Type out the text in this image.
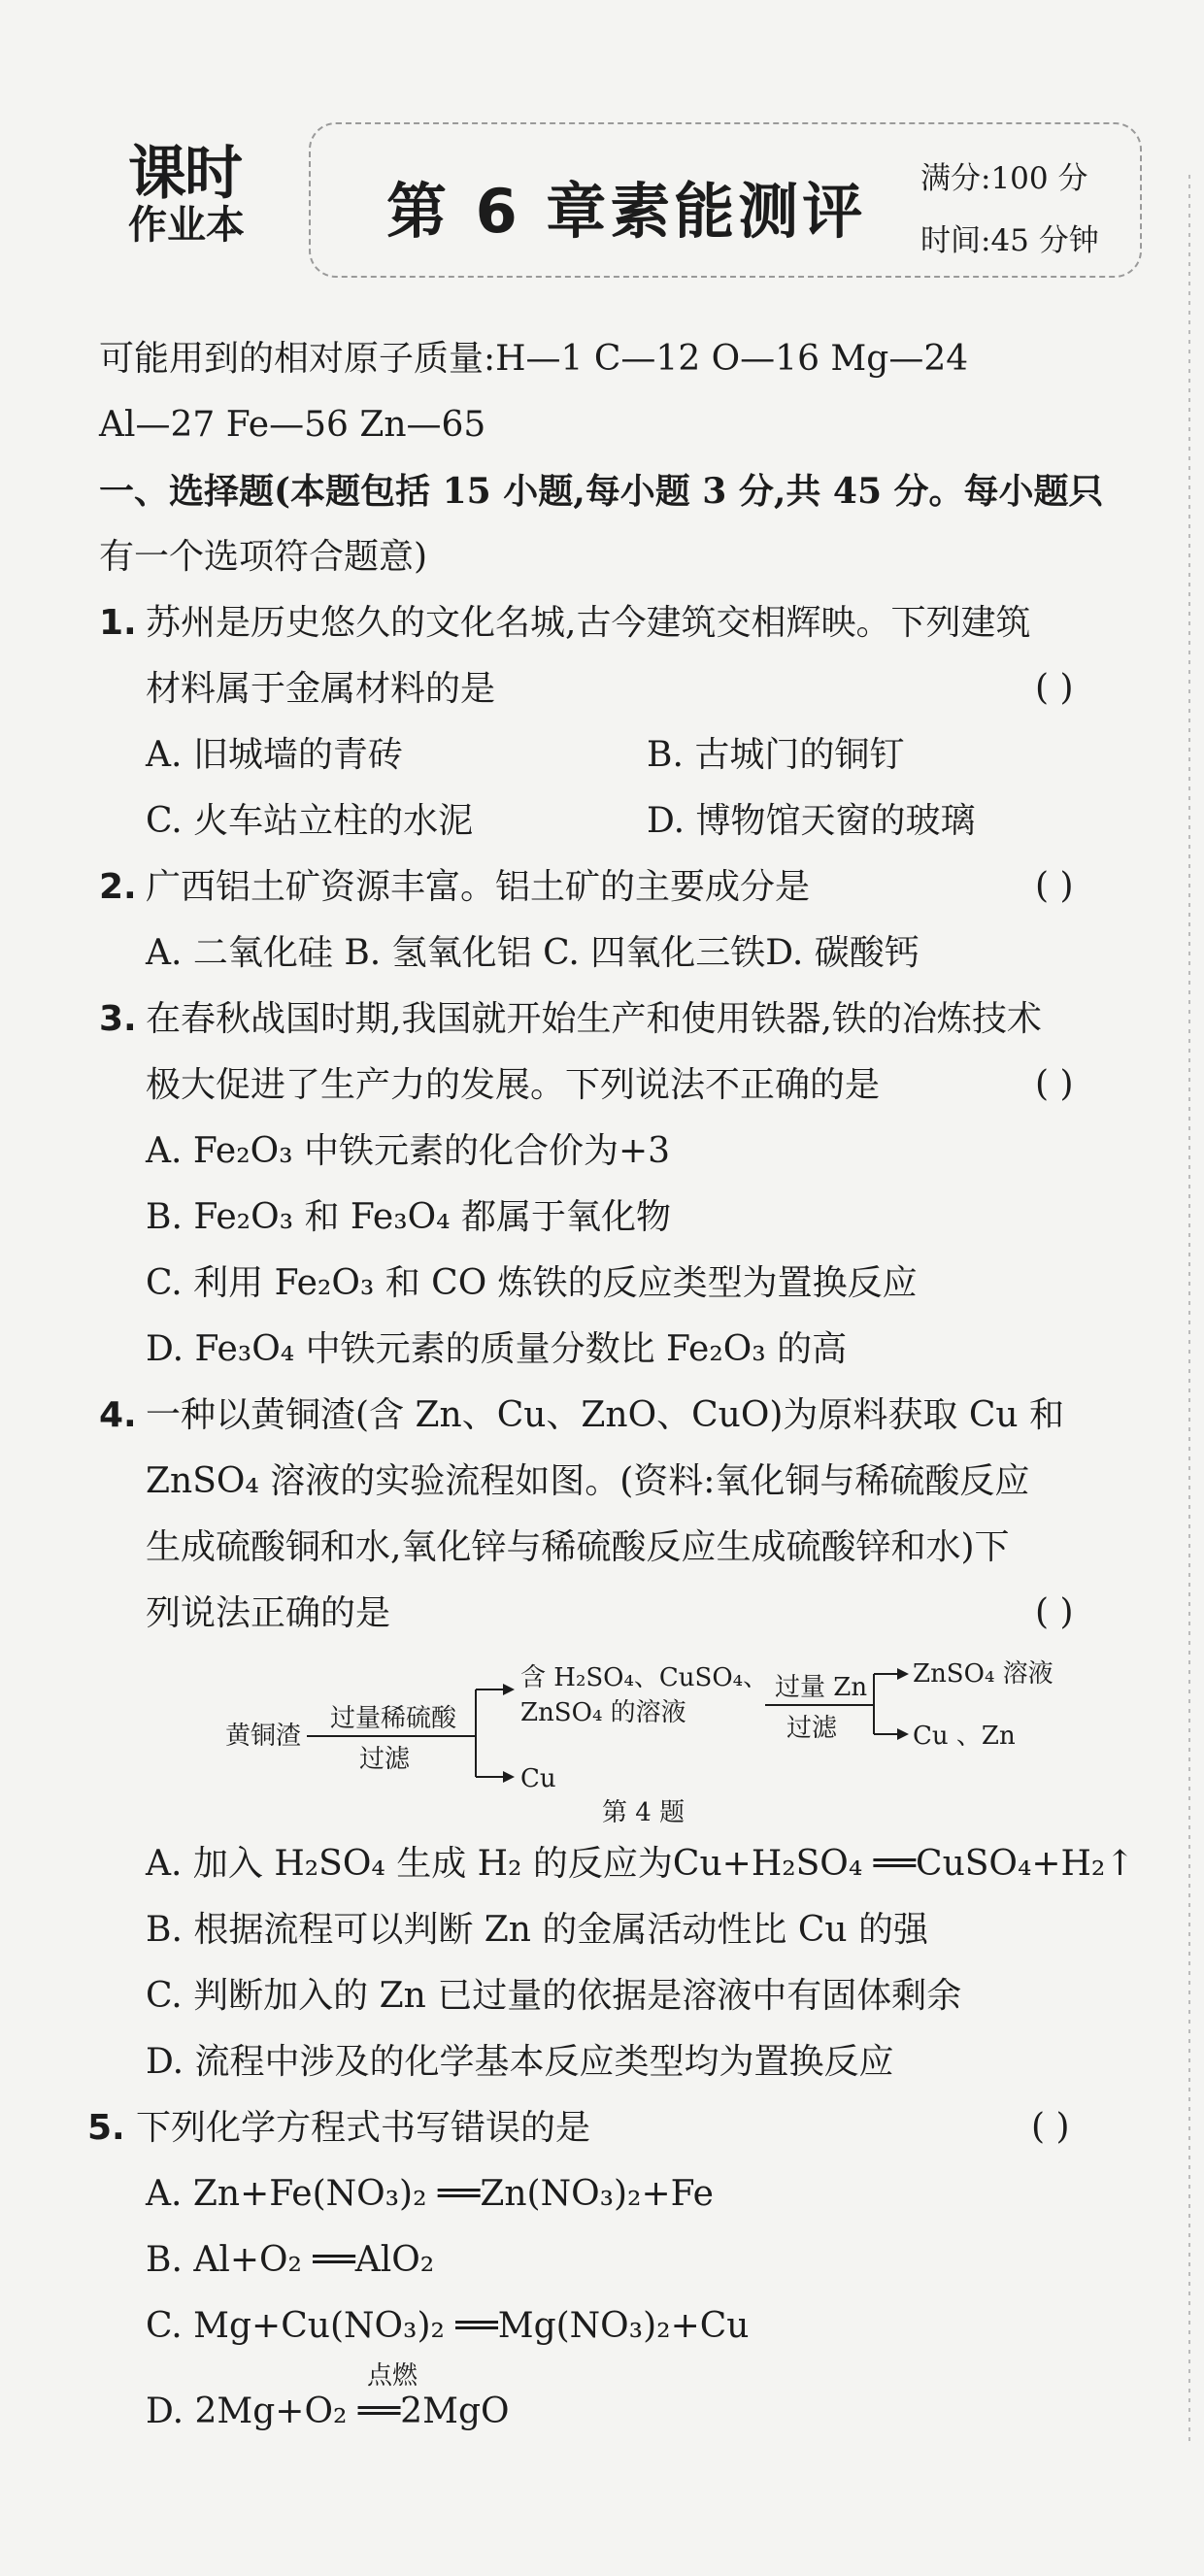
课时
作业本	第 6 章素能测评 满分:100 分
时间:45 分钟
可能用到的相对原子质量:H—1 C—12 O—16 Mg—24
Al—27 Fe—56 Zn—65
一、选择题(本题包括 15 小题,每小题 3 分,共 45 分。每小题只
有一个选项符合题意)
1. 苏州是历史悠久的文化名城,古今建筑交相辉映。下列建筑
材料属于金属材料的是	( )
A. 旧城墙的青砖	B. 古城门的铜钉
C. 火车站立柱的水泥	D. 博物馆天窗的玻璃
2. 广西铝土矿资源丰富。铝土矿的主要成分是	( )
A. 二氧化硅 B. 氢氧化铝 C. 四氧化三铁D. 碳酸钙
3. 在春秋战国时期,我国就开始生产和使用铁器,铁的冶炼技术
极大促进了生产力的发展。下列说法不正确的是	( )
A. Fe₂O₃ 中铁元素的化合价为+3
B. Fe₂O₃ 和 Fe₃O₄ 都属于氧化物
C. 利用 Fe₂O₃ 和 CO 炼铁的反应类型为置换反应
D. Fe₃O₄ 中铁元素的质量分数比 Fe₂O₃ 的高
4. 一种以黄铜渣(含 Zn、Cu、ZnO、CuO)为原料获取 Cu 和
ZnSO₄ 溶液的实验流程如图。(资料:氧化铜与稀硫酸反应
生成硫酸铜和水,氧化锌与稀硫酸反应生成硫酸锌和水)下
列说法正确的是	( )
黄铜渣
过量稀硫酸
过滤
含 H₂SO₄、CuSO₄、
ZnSO₄ 的溶液
Cu
过量 Zn
过滤
ZnSO₄ 溶液
Cu 、Zn
第 4 题
A. 加入 H₂SO₄ 生成 H₂ 的反应为Cu+H₂SO₄ ══CuSO₄+H₂↑
B. 根据流程可以判断 Zn 的金属活动性比 Cu 的强
C. 判断加入的 Zn 已过量的依据是溶液中有固体剩余
D. 流程中涉及的化学基本反应类型均为置换反应
5. 下列化学方程式书写错误的是	( )
A. Zn+Fe(NO₃)₂ ══Zn(NO₃)₂+Fe
B. Al+O₂ ══AlO₂
C. Mg+Cu(NO₃)₂ ══Mg(NO₃)₂+Cu
点燃
D. 2Mg+O₂ ══2MgO
